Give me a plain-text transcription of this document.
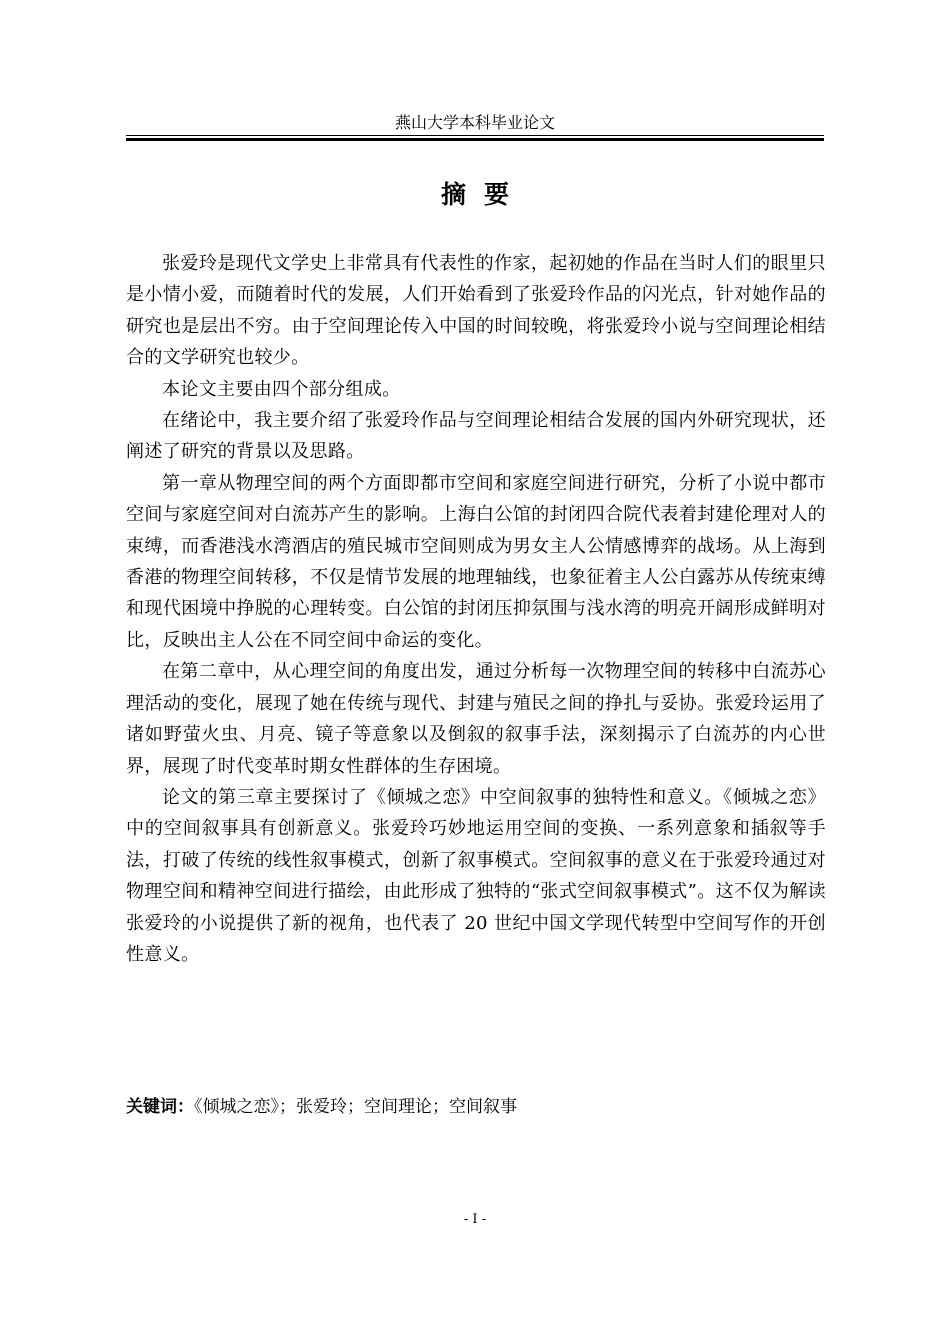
燕山大学本科毕业论文
摘要

张爱玲是现代文学史上非常具有代表性的作家，起初她的作品在当时人们的眼里只是小情小爱，而随着时代的发展，人们开始看到了张爱玲作品的闪光点，针对她作品的研究也是层出不穷。由于空间理论传入中国的时间较晚，将张爱玲小说与空间理论相结合的文学研究也较少。

本论文主要由四个部分组成。

在绪论中，我主要介绍了张爱玲作品与空间理论相结合发展的国内外研究现状，还阐述了研究的背景以及思路。

第一章从物理空间的两个方面即都市空间和家庭空间进行研究，分析了小说中都市空间与家庭空间对白流苏产生的影响。上海白公馆的封闭四合院代表着封建伦理对人的束缚，而香港浅水湾酒店的殖民城市空间则成为男女主人公情感博弈的战场。从上海到香港的物理空间转移，不仅是情节发展的地理轴线，也象征着主人公白露苏从传统束缚和现代困境中挣脱的心理转变。白公馆的封闭压抑氛围与浅水湾的明亮开阔形成鲜明对比，反映出主人公在不同空间中命运的变化。

在第二章中，从心理空间的角度出发，通过分析每一次物理空间的转移中白流苏心理活动的变化，展现了她在传统与现代、封建与殖民之间的挣扎与妥协。张爱玲运用了诸如野萤火虫、月亮、镜子等意象以及倒叙的叙事手法，深刻揭示了白流苏的内心世界，展现了时代变革时期女性群体的生存困境。

论文的第三章主要探讨了《倾城之恋》中空间叙事的独特性和意义。《倾城之恋》中的空间叙事具有创新意义。张爱玲巧妙地运用空间的变换、一系列意象和插叙等手法，打破了传统的线性叙事模式，创新了叙事模式。空间叙事的意义在于张爱玲通过对物理空间和精神空间进行描绘，由此形成了独特的“张式空间叙事模式”。这不仅为解读张爱玲的小说提供了新的视角，也代表了 20 世纪中国文学现代转型中空间写作的开创性意义。

关键词：《倾城之恋》；张爱玲；空间理论；空间叙事
- I -
